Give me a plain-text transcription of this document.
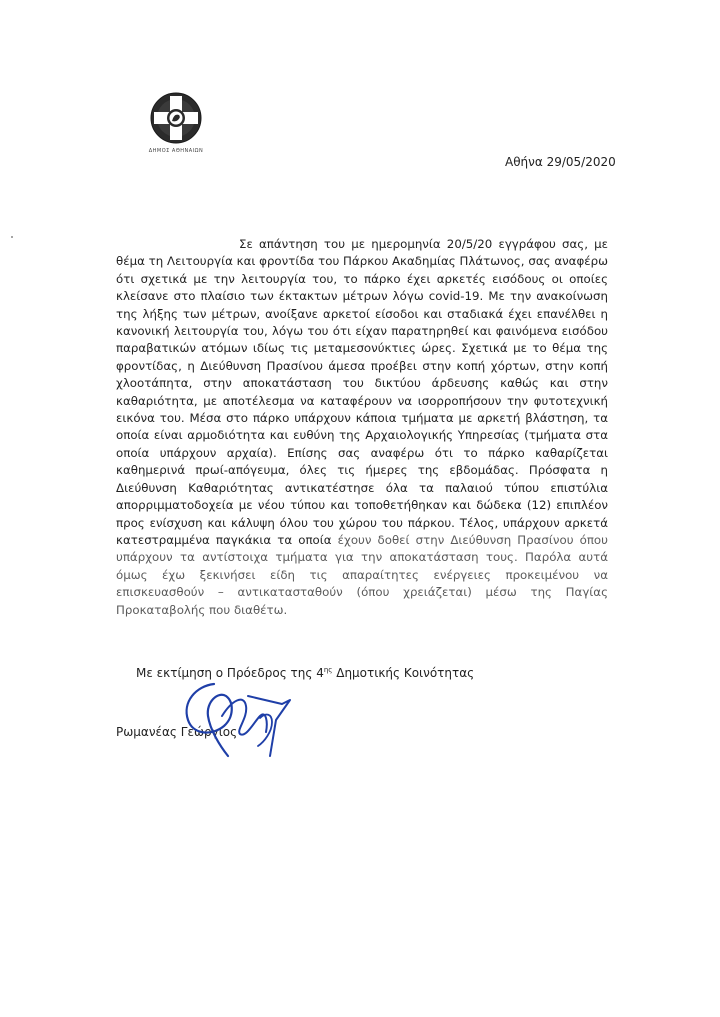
ΔΗΜΟΣ ΑΘΗΝΑΙΩΝ
Αθήνα 29/05/2020

Σε απάντηση του με ημερομηνία 20/5/20 εγγράφου σας, με θέμα τη Λειτουργία και φροντίδα του Πάρκου Ακαδημίας Πλάτωνος, σας αναφέρω ότι σχετικά με την λειτουργία του, το πάρκο έχει αρκετές εισόδους οι οποίες κλείσανε στο πλαίσιο των έκτακτων μέτρων λόγω covid-19. Με την ανακοίνωση της λήξης των μέτρων, ανοίξανε αρκετοί είσοδοι και σταδιακά έχει επανέλθει η κανονική λειτουργία του, λόγω του ότι είχαν παρατηρηθεί και φαινόμενα εισόδου παραβατικών ατόμων ιδίως τις μεταμεσονύκτιες ώρες. Σχετικά με το θέμα της φροντίδας, η Διεύθυνση Πρασίνου άμεσα προέβει στην κοπή χόρτων, στην κοπή χλοοτάπητα, στην αποκατάσταση του δικτύου άρδευσης καθώς και στην καθαριότητα, με αποτέλεσμα να καταφέρουν να ισορροπήσουν την φυτοτεχνική εικόνα του. Μέσα στο πάρκο υπάρχουν κάποια τμήματα με αρκετή βλάστηση, τα οποία είναι αρμοδιότητα και ευθύνη της Αρχαιολογικής Υπηρεσίας (τμήματα στα οποία υπάρχουν αρχαία). Επίσης σας αναφέρω ότι το πάρκο καθαρίζεται καθημερινά πρωί-απόγευμα, όλες τις ήμερες της εβδομάδας. Πρόσφατα η Διεύθυνση Καθαριότητας αντικατέστησε όλα τα παλαιού τύπου επιστύλια απορριμματοδοχεία με νέου τύπου και τοποθετήθηκαν και δώδεκα (12) επιπλέον προς ενίσχυση και κάλυψη όλου του χώρου του πάρκου. Τέλος, υπάρχουν αρκετά κατεστραμμένα παγκάκια τα οποία έχουν δοθεί στην Διεύθυνση Πρασίνου όπου υπάρχουν τα αντίστοιχα τμήματα για την αποκατάσταση τους. Παρόλα αυτά όμως έχω ξεκινήσει είδη τις απαραίτητες ενέργειες προκειμένου να επισκευασθούν – αντικατασταθούν (όπου χρειάζεται) μέσω της Παγίας Προκαταβολής που διαθέτω.

Με εκτίμηση ο Πρόεδρος της $4^{\eta\varsigma}$ Δημοτικής Κοινότητας
Ρωμανέας Γεώργιος
